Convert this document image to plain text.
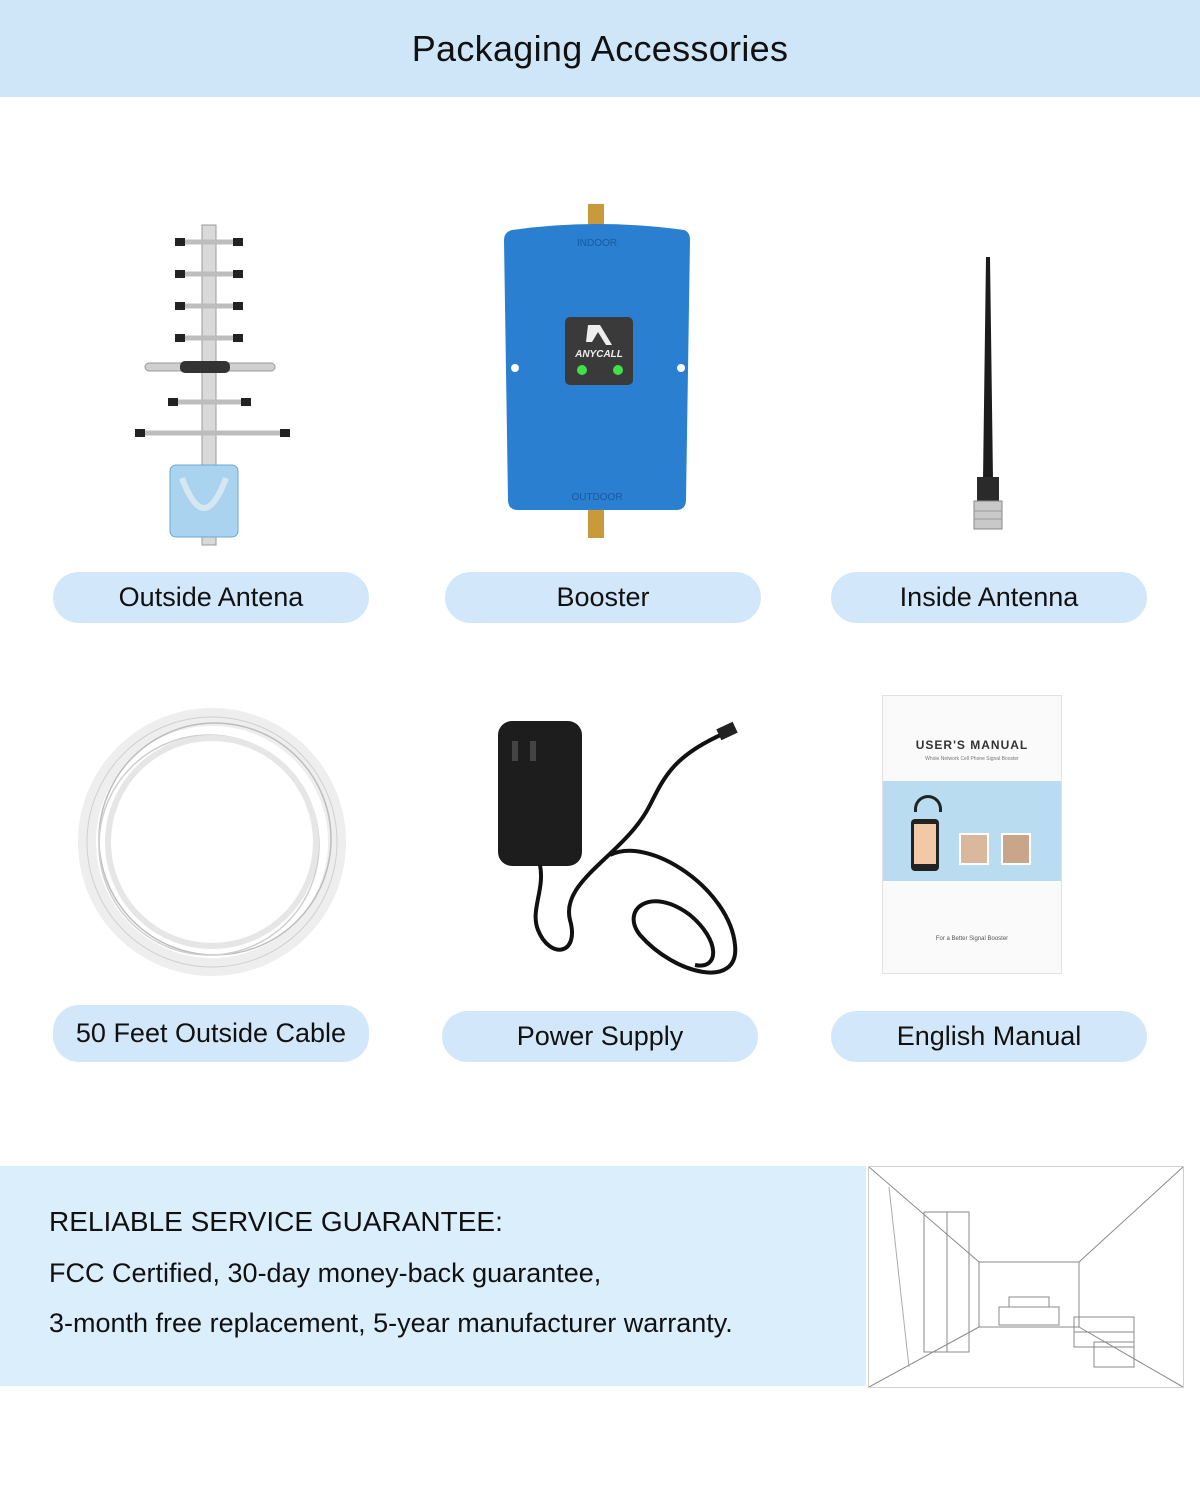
Packaging Accessories
INDOOR
OUTDOOR
ANYCALL
USER'S MANUAL
Whole Network Cell Phone Signal Booster
For a Better Signal Booster
Outside Antena	Booster	Inside Antenna
50 Feet Outside Cable	Power Supply	English Manual
RELIABLE SERVICE GUARANTEE:
FCC Certified, 30-day money-back guarantee,
3-month free replacement, 5-year manufacturer warranty.
